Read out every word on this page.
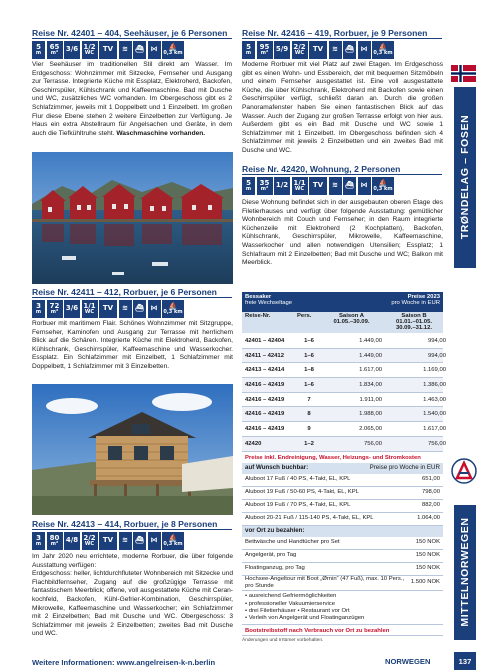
Reise Nr. 42401 – 404, Seehäuser, je 6 Personen
5
m
65
m² 3/6 1/2
WC TV ≋ ⛴ ⋈ ⛵
0,3 km
Vier Seehäuser im traditionellen Stil direkt am Wasser. Im Erdgeschoss: Wohnzimmer mit Sitzecke, Fernseher und Ausgang zur Terrasse. Integrierte Küche mit Essplatz, Elektroherd, Backofen, Geschirrspüler, Kühlschrank und Kaffeemaschine. Bad mit Dusche und WC, zusätzliches WC vorhanden. Im Obergeschoss gibt es 2 Schlafzimmer, jeweils mit 1 Doppelbett und 1 Einzelbett. Im großen Flur diese Ebene stehen 2 weitere Einzelbetten zur Verfügung. Je Haus ein extra Abstellraum für Angelsachen und Geräte, in dem auch die Tiefkühltruhe steht. Waschmaschine vorhanden.
Reise Nr. 42416 – 419, Rorbuer, je 9 Personen
5
m
95
m² 5/9 2/2
WC TV ≋ ⛴ ⋈ ⛵
0,3 km
Moderne Rorbuer mit viel Platz auf zwei Etagen. Im Erdgeschoss gibt es einen Wohn- und Essbereich, der mit bequemen Sitzmöbeln und einem Fernseher ausgestattet ist. Eine voll ausgestattete Küche, die über Kühlschrank, Elektroherd mit Backofen sowie einen Geschirrspüler verfügt, schließt daran an. Durch die großen Panoramafenster haben Sie einen fantastischen Blick auf das Wasser. Auch der Zugang zur großen Terrasse erfolgt von hier aus. Außerdem gibt es ein Bad mit Dusche und WC sowie 1 Schlafzimmer mit 1 Einzelbett. Im Obergeschoss befinden sich 4 Schlafzimmer mit jeweils 2 Einzelbetten und ein zweites Bad mit Dusche und WC.	TRØNDELAG – FOSEN
Reise Nr. 42420, Wohnung, 2 Personen
5
m
35
m² 1/2 1/1
WC TV ≋ ⛴ ⋈ ⛵
0,3 km
Diese Wohnung befindet sich in der ausgebauten oberen Etage des Filetierhauses und verfügt über folgende Ausstattung: gemütlicher Wohnbereich mit Couch und Fernseher; in den Raum integrierte Küchenzeile mit Elektroherd (2 Kochplatten), Backofen, Kühlschrank, Geschirrspüler, Mikrowelle, Kaffeemaschine, Wasserkocher und allen notwendigen Utensilien; Essplatz; 1 Schlafraum mit 2 Einzelbetten; Bad mit Dusche und WC; Balkon mit Meerblick.
Reise Nr. 42411 – 412, Rorbuer, je 6 Personen
3
m
72
m² 3/6 1/1
WC TV ≋ ⛴ ⋈ ⛵
0,3 km
Rorbuer mit maritimem Flair. Schönes Wohnzimmer mit Sitzgruppe, Fernseher, Kaminofen und Ausgang zur Terrasse mit herrlichem Blick auf die Schären. Integrierte Küche mit Elektroherd, Backofen, Kühlschrank, Geschirrspüler, Kaffeemaschine und Wasserkocher. Essplatz. Ein Schlafzimmer mit Einzelbett, 1 Schlafzimmer mit Doppelbett, 1 Schlafzimmer mit 3 Einzelbetten.
Reise Nr. 42413 – 414, Rorbuer, je 8 Personen
3
m
80
m² 4/8 2/2
WC TV ≋ ⛴ ⋈ ⛵
0,3 km
Im Jahr 2020 neu errichtete, moderne Rorbuer, die über folgende Ausstattung verfügen:
Erdgeschoss: heller, lichtdurchfluteter Wohnbereich mit Sitzecke und Flachbildfernseher, Zugang auf die großzügige Terrasse mit fantastischem Meerblick; offene, voll ausgestattete Küche mit Cerankochfeld, Backofen, Kühl-Gefrier-Kombination, Geschirrspüler, Mikrowelle, Kaffeemaschine und Wasserkocher; ein Schlafzimmer mit 2 Einzelbetten; Bad mit Dusche und WC. Obergeschoss: 3 Schlafzimmer mit jeweils 2 Einzelbetten; zweites Bad mit Dusche und WC.
Bessaker
freie Wechseltage
Preise 2023
pro Woche in EUR
Reise-Nr.	Pers.	Saison A
01.05.–30.09.
Saison B
01.01.–01.05.
30.09.–31.12.
42401 – 42404	1–6	1.449,00	994,00
42411 – 42412	1–6	1.449,00	994,00
42413 – 42414	1–8	1.617,00	1.169,00
42416 – 42419	1–6	1.834,00	1.386,00
42416 – 42419	7	1.911,00	1.463,00
42416 – 42419	8	1.988,00	1.540,00
42416 – 42419	9	2.065,00	1.617,00
42420	1–2	756,00	756,00
Preise inkl. Endreinigung, Wasser, Heizungs- und Stromkosten
auf Wunsch buchbar:	Preise pro Woche in EUR
Aluboot 17 Fuß / 40 PS, 4-Takt, EL, KPL	651,00
Aluboot 19 Fuß / 50-60 PS, 4-Takt, EL, KPL	798,00
Aluboot 19 Fuß / 70 PS, 4-Takt, EL, KPL	882,00
Aluboot 20-21 Fuß / 115-140 PS, 4-Takt, EL, KPL	1.064,00
vor Ort zu bezahlen:
Bettwäsche und Handtücher pro Set	150 NOK
Angelgerät, pro Tag	150 NOK
Floatinganzug, pro Tag	150 NOK
Hochsee-Angeltour mit Boot „Ørnin“ (47 Fuß), max. 10 Pers., pro Stunde
1.500 NOK
• ausreichend Gefriermöglichkeiten
• professioneller Vakuumierservice
• drei Filetierhäuser • Restaurant vor Ort
• Verleih von Angelgerät und Floatinganzügen
Bootstreibstoff nach Verbrauch vor Ort zu bezahlen
Änderungen und Irrtümer vorbehalten.
MITTELNORWEGEN
Weitere Informationen: www.angelreisen-k-n.berlin	NORWEGEN	137
